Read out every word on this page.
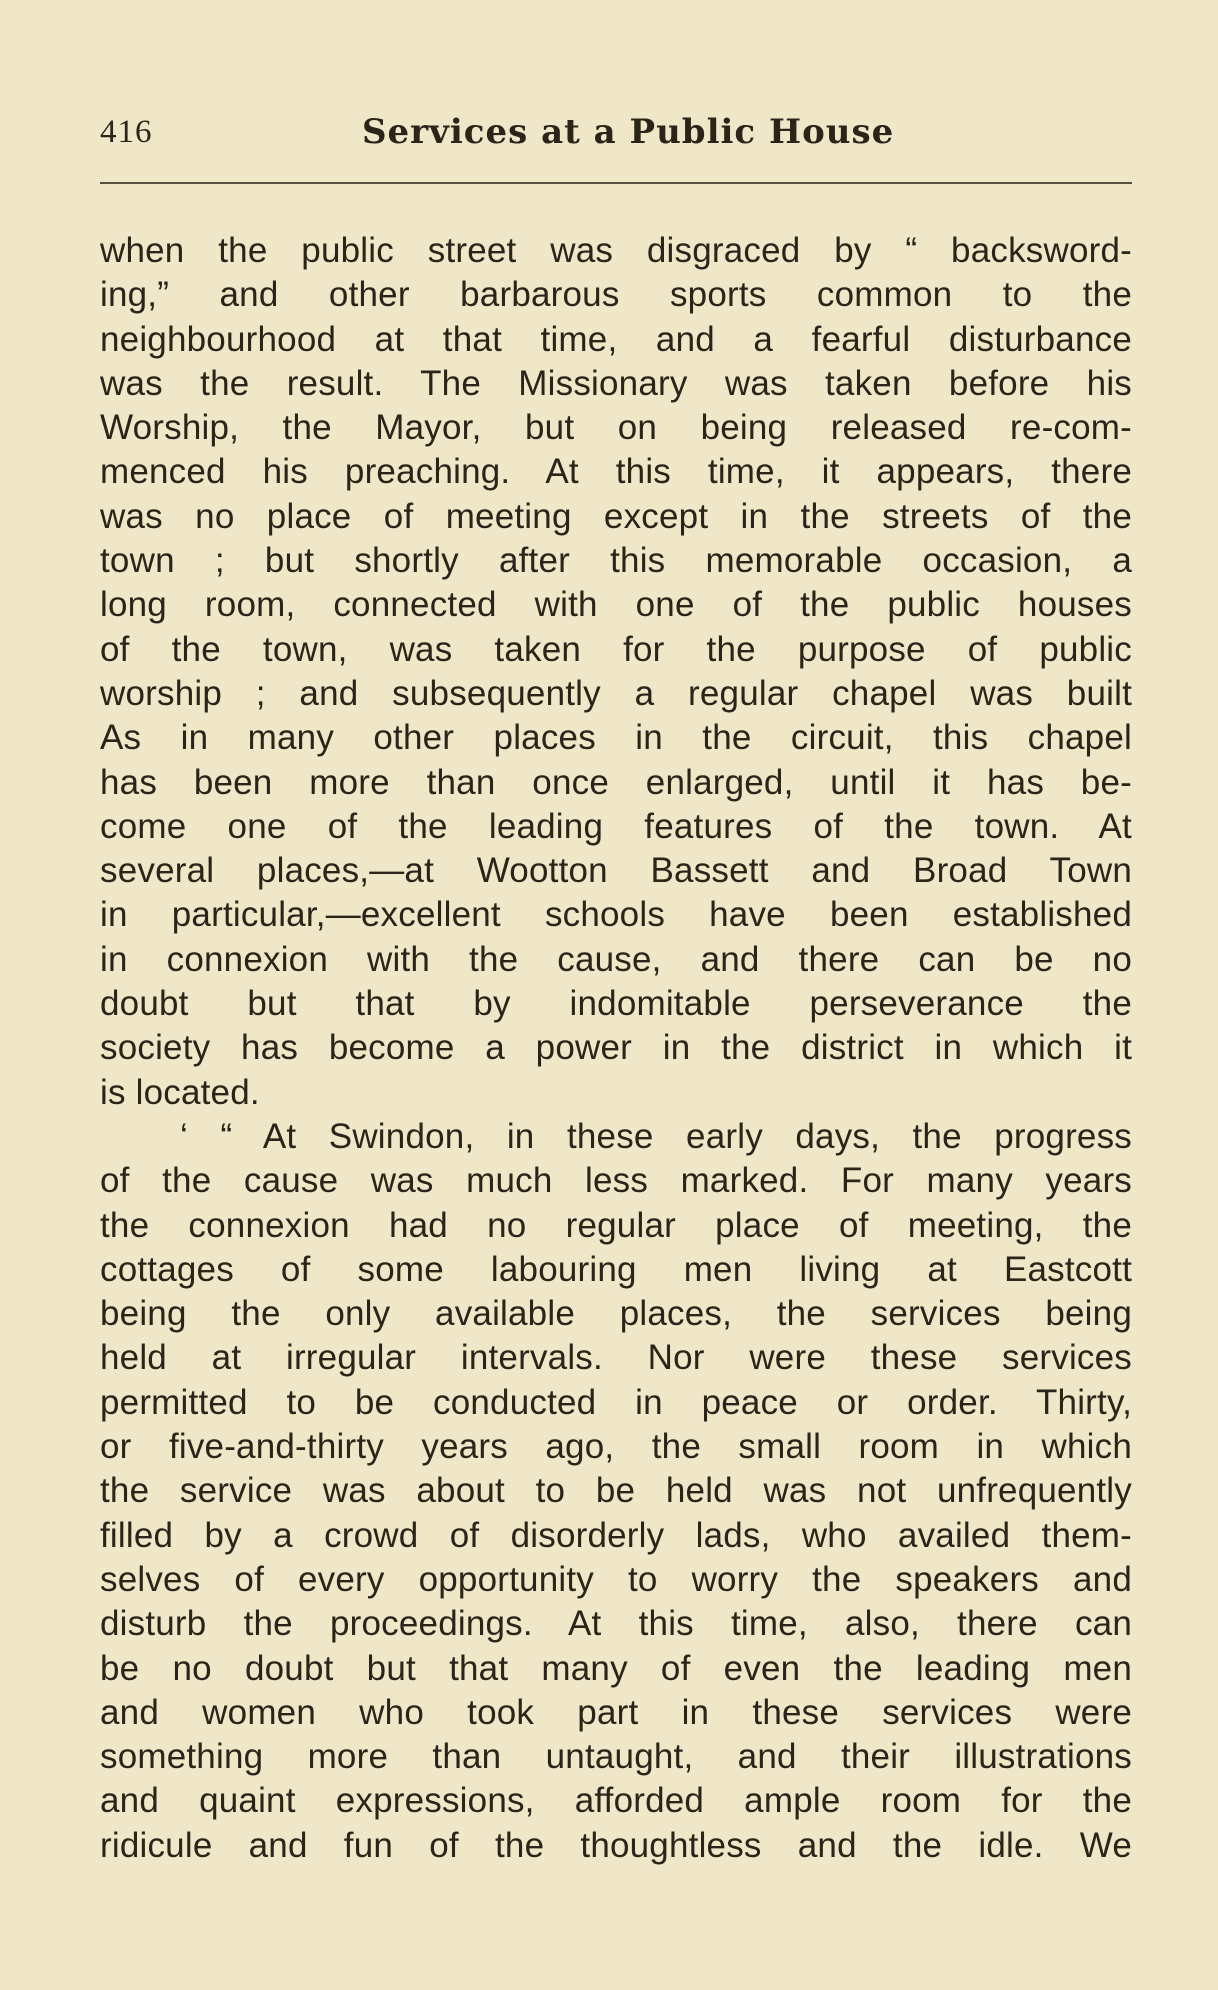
416	Services at a Public House
when the public street was disgraced by “ backsword-
ing,” and other barbarous sports common to the
neighbourhood at that time, and a fearful disturbance
was the result. The Missionary was taken before his
Worship, the Mayor, but on being released re-com-
menced his preaching. At this time, it appears, there
was no place of meeting except in the streets of the
town ; but shortly after this memorable occasion, a
long room, connected with one of the public houses
of the town, was taken for the purpose of public
worship ; and subsequently a regular chapel was built
As in many other places in the circuit, this chapel
has been more than once enlarged, until it has be-
come one of the leading features of the town. At
several places,—at Wootton Bassett and Broad Town
in particular,—excellent schools have been established
in connexion with the cause, and there can be no
doubt but that by indomitable perseverance the
society has become a power in the district in which it
is located.
‘ “ At Swindon, in these early days, the progress
of the cause was much less marked. For many years
the connexion had no regular place of meeting, the
cottages of some labouring men living at Eastcott
being the only available places, the services being
held at irregular intervals. Nor were these services
permitted to be conducted in peace or order. Thirty,
or five-and-thirty years ago, the small room in which
the service was about to be held was not unfrequently
filled by a crowd of disorderly lads, who availed them-
selves of every opportunity to worry the speakers and
disturb the proceedings. At this time, also, there can
be no doubt but that many of even the leading men
and women who took part in these services were
something more than untaught, and their illustrations
and quaint expressions, afforded ample room for the
ridicule and fun of the thoughtless and the idle. We
